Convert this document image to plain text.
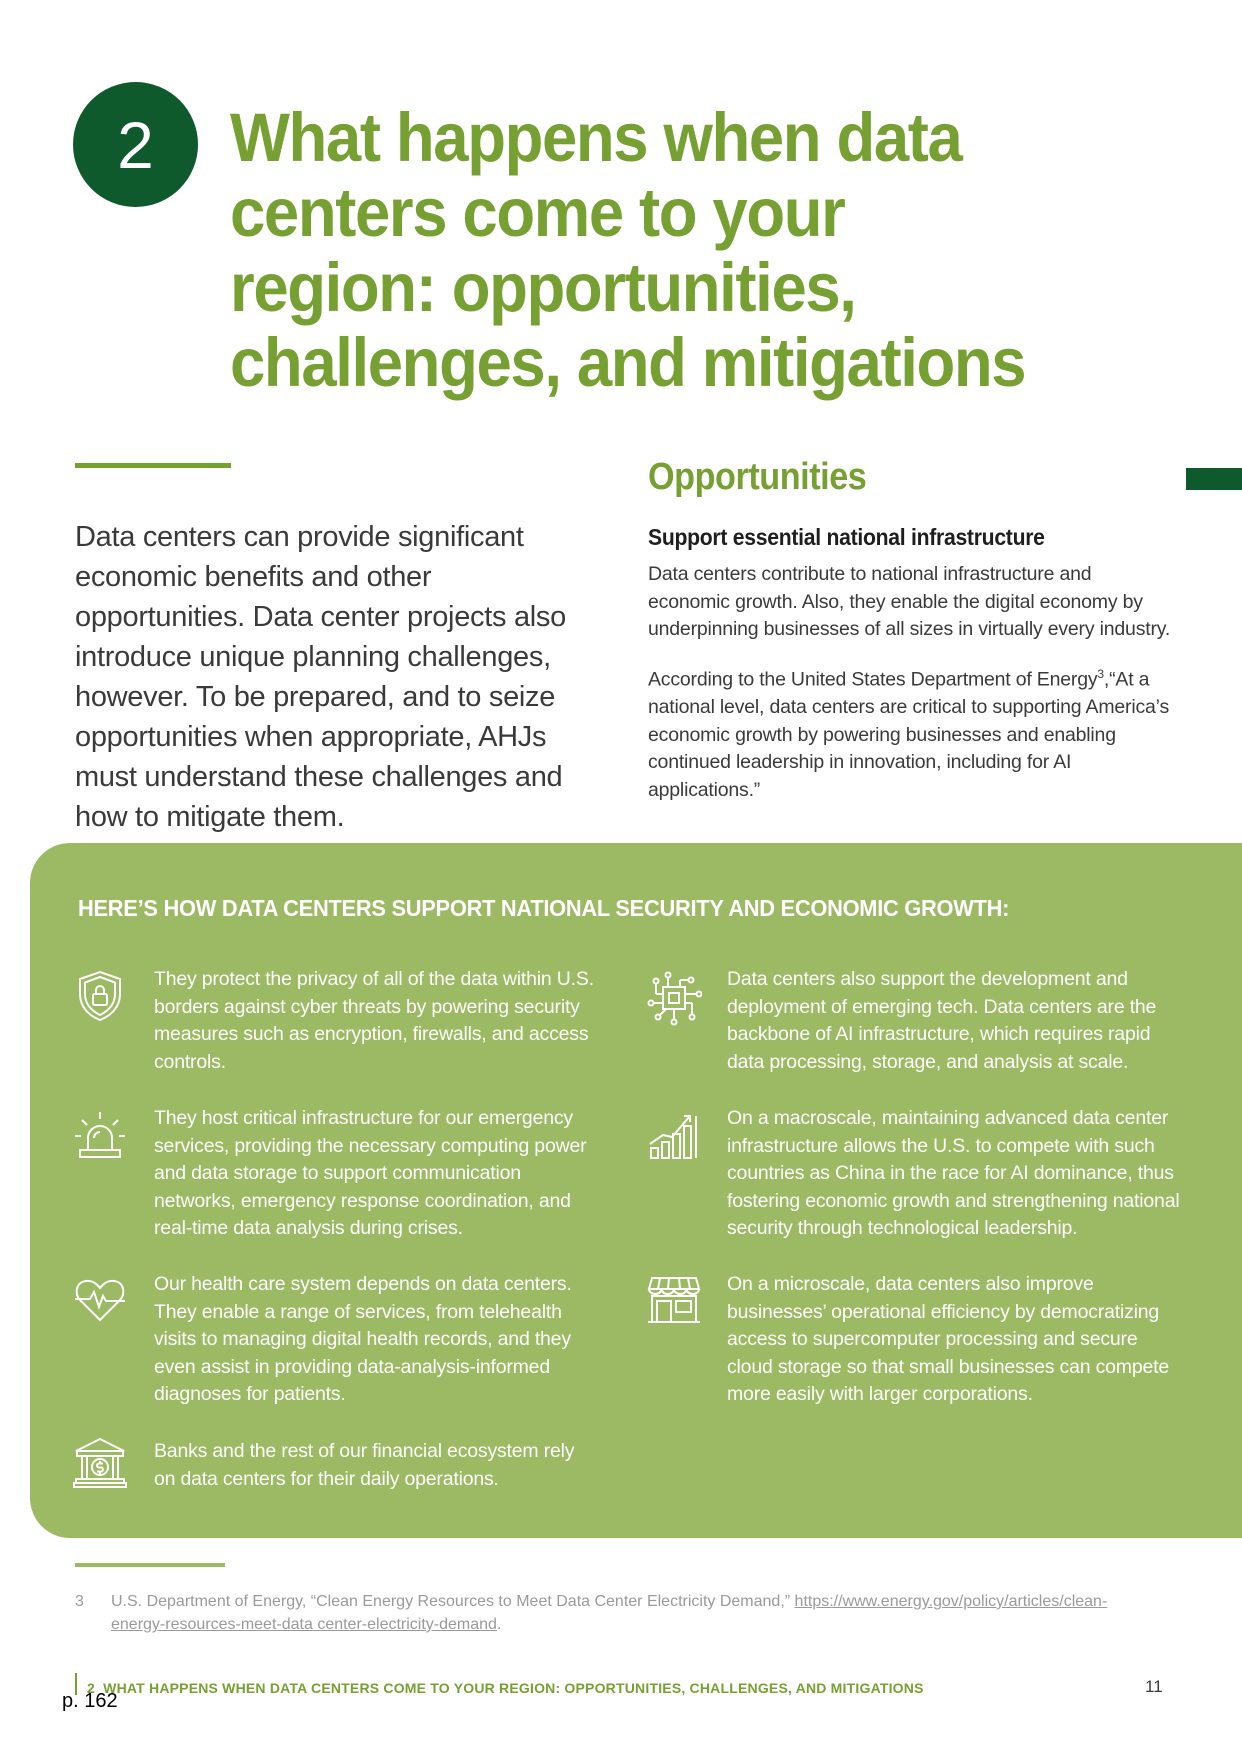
2	What happens when data centers come to your region: opportunities, challenges, and mitigations
Data centers can provide significant economic benefits and other opportunities. Data center projects also introduce unique planning challenges, however. To be prepared, and to seize opportunities when appropriate, AHJs must understand these challenges and how to mitigate them.
Opportunities
Support essential national infrastructure

Data centers contribute to national infrastructure and economic growth. Also, they enable the digital economy by underpinning businesses of all sizes in virtually every industry.

According to the United States Department of Energy$^3$,“At a national level, data centers are critical to supporting America’s economic growth by powering businesses and enabling continued leadership in innovation, including for AI applications.”

HERE’S HOW DATA CENTERS SUPPORT NATIONAL SECURITY AND ECONOMIC GROWTH:

They protect the privacy of all of the data within U.S. borders against cyber threats by powering security measures such as encryption, firewalls, and access controls.

They host critical infrastructure for our emergency services, providing the necessary computing power and data storage to support communication networks, emergency response coordination, and real-time data analysis during crises.

Our health care system depends on data centers. They enable a range of services, from telehealth visits to managing digital health records, and they even assist in providing data-analysis-informed diagnoses for patients.

Banks and the rest of our financial ecosystem rely on data centers for their daily operations.

Data centers also support the development and deployment of emerging tech. Data centers are the backbone of AI infrastructure, which requires rapid data processing, storage, and analysis at scale.

On a macroscale, maintaining advanced data center infrastructure allows the U.S. to compete with such countries as China in the race for AI dominance, thus fostering economic growth and strengthening national security through technological leadership.

On a microscale, data centers also improve businesses’ operational efficiency by democratizing access to supercomputer processing and secure cloud storage so that small businesses can compete more easily with larger corporations.

3 U.S. Department of Energy, “Clean Energy Resources to Meet Data Center Electricity Demand,” https://www.energy.gov/policy/articles/clean-energy-resources-meet-data center-electricity-demand.
2  WHAT HAPPENS WHEN DATA CENTERS COME TO YOUR REGION: OPPORTUNITIES, CHALLENGES, AND MITIGATIONS	11
p. 162
